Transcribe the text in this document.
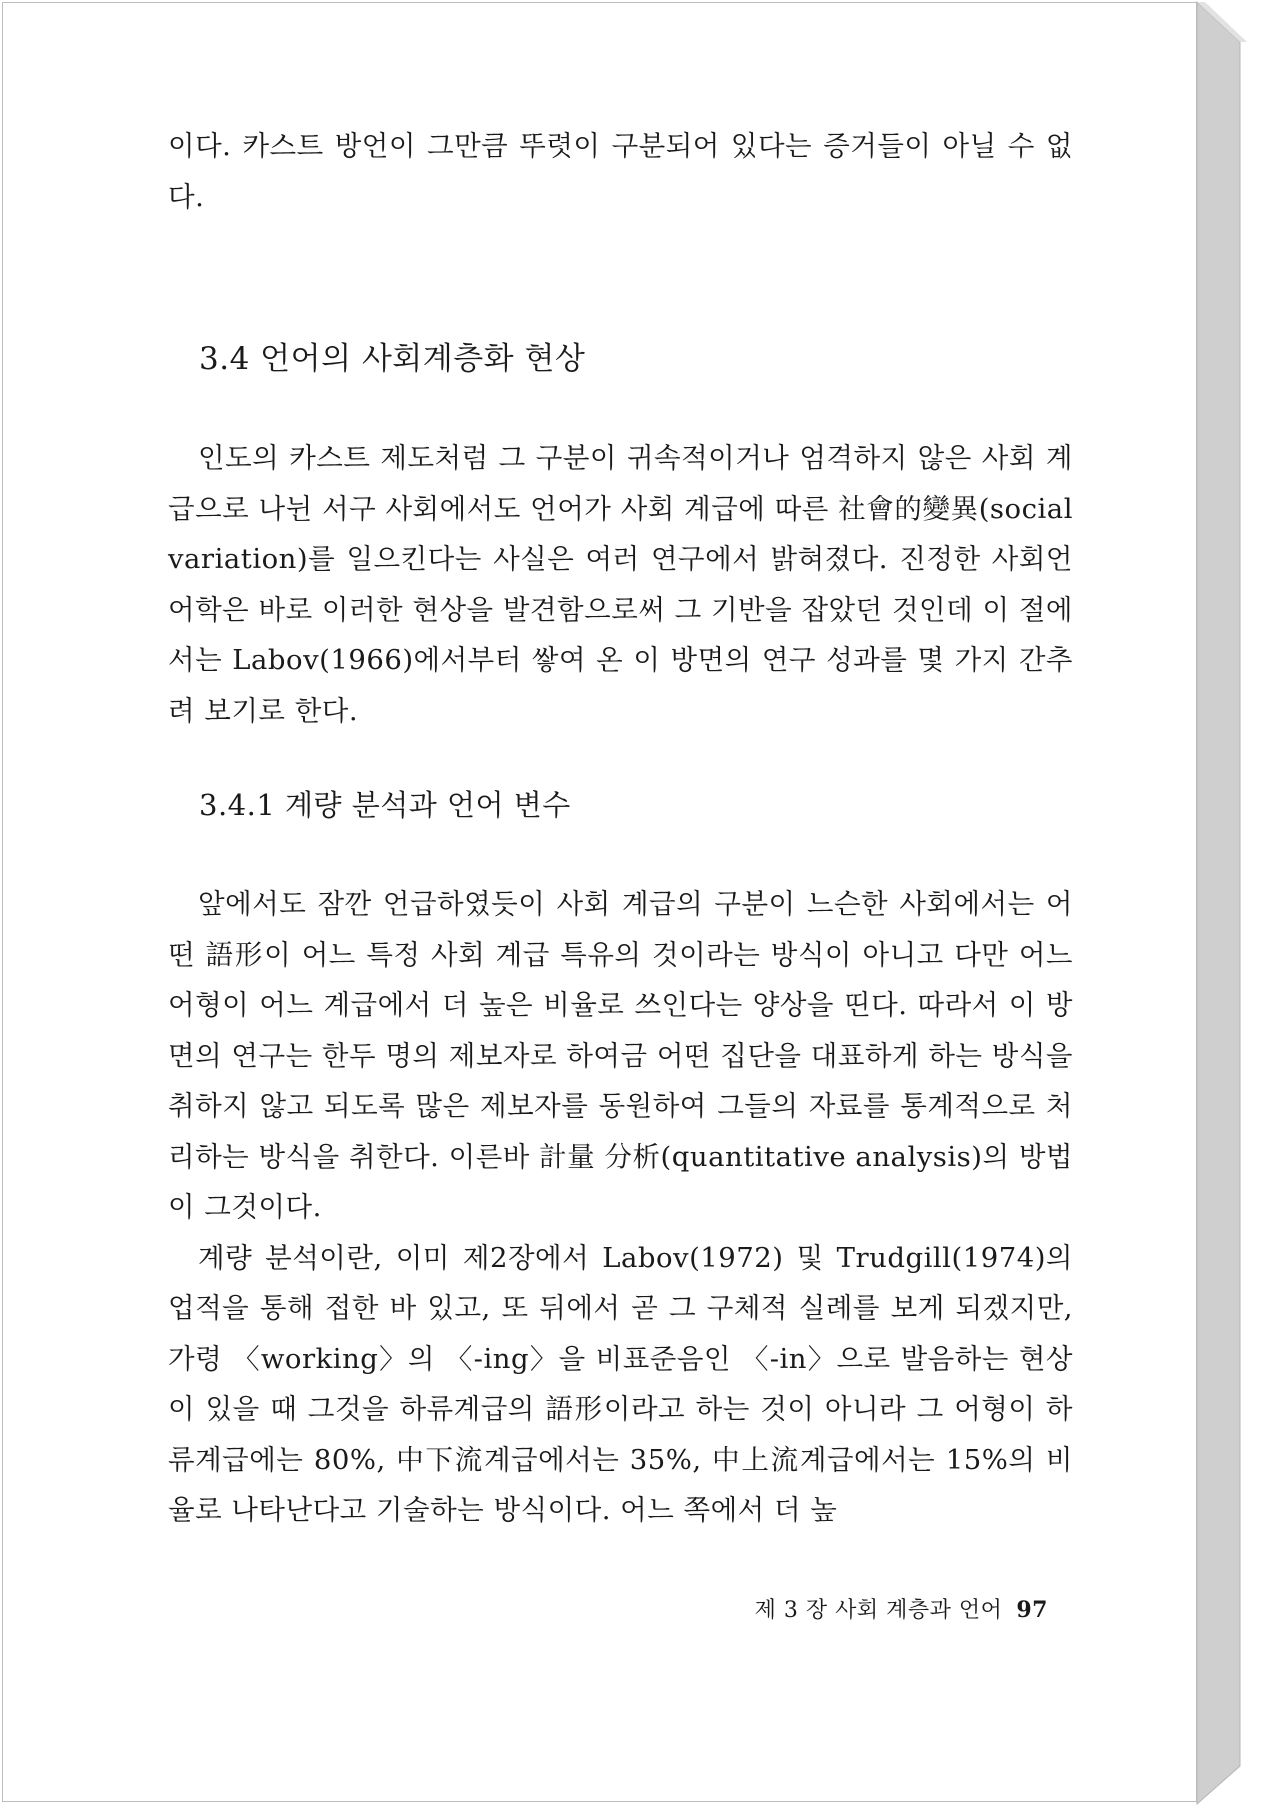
이다. 카스트 방언이 그만큼 뚜렷이 구분되어 있다는 증거들이 아닐 수 없다.

3.4 언어의 사회계층화 현상

인도의 카스트 제도처럼 그 구분이 귀속적이거나 엄격하지 않은 사회 계급으로 나뉜 서구 사회에서도 언어가 사회 계급에 따른 社會的變異(social variation)를 일으킨다는 사실은 여러 연구에서 밝혀졌다. 진정한 사회언어학은 바로 이러한 현상을 발견함으로써 그 기반을 잡았던 것인데 이 절에서는 Labov(1966)에서부터 쌓여 온 이 방면의 연구 성과를 몇 가지 간추려 보기로 한다.

3.4.1 계량 분석과 언어 변수

앞에서도 잠깐 언급하였듯이 사회 계급의 구분이 느슨한 사회에서는 어떤 語形이 어느 특정 사회 계급 특유의 것이라는 방식이 아니고 다만 어느 어형이 어느 계급에서 더 높은 비율로 쓰인다는 양상을 띤다. 따라서 이 방면의 연구는 한두 명의 제보자로 하여금 어떤 집단을 대표하게 하는 방식을 취하지 않고 되도록 많은 제보자를 동원하여 그들의 자료를 통계적으로 처리하는 방식을 취한다. 이른바 計量 分析(quantitative analysis)의 방법이 그것이다.

계량 분석이란, 이미 제2장에서 Labov(1972) 및 Trudgill(1974)의 업적을 통해 접한 바 있고, 또 뒤에서 곧 그 구체적 실례를 보게 되겠지만, 가령 〈working〉의 〈-ing〉을 비표준음인 〈-in〉으로 발음하는 현상이 있을 때 그것을 하류계급의 語形이라고 하는 것이 아니라 그 어형이 하류계급에는 80%, 中下流계급에서는 35%, 中上流계급에서는 15%의 비율로 나타난다고 기술하는 방식이다. 어느 쪽에서 더 높

제 3 장 사회 계층과 언어 97
